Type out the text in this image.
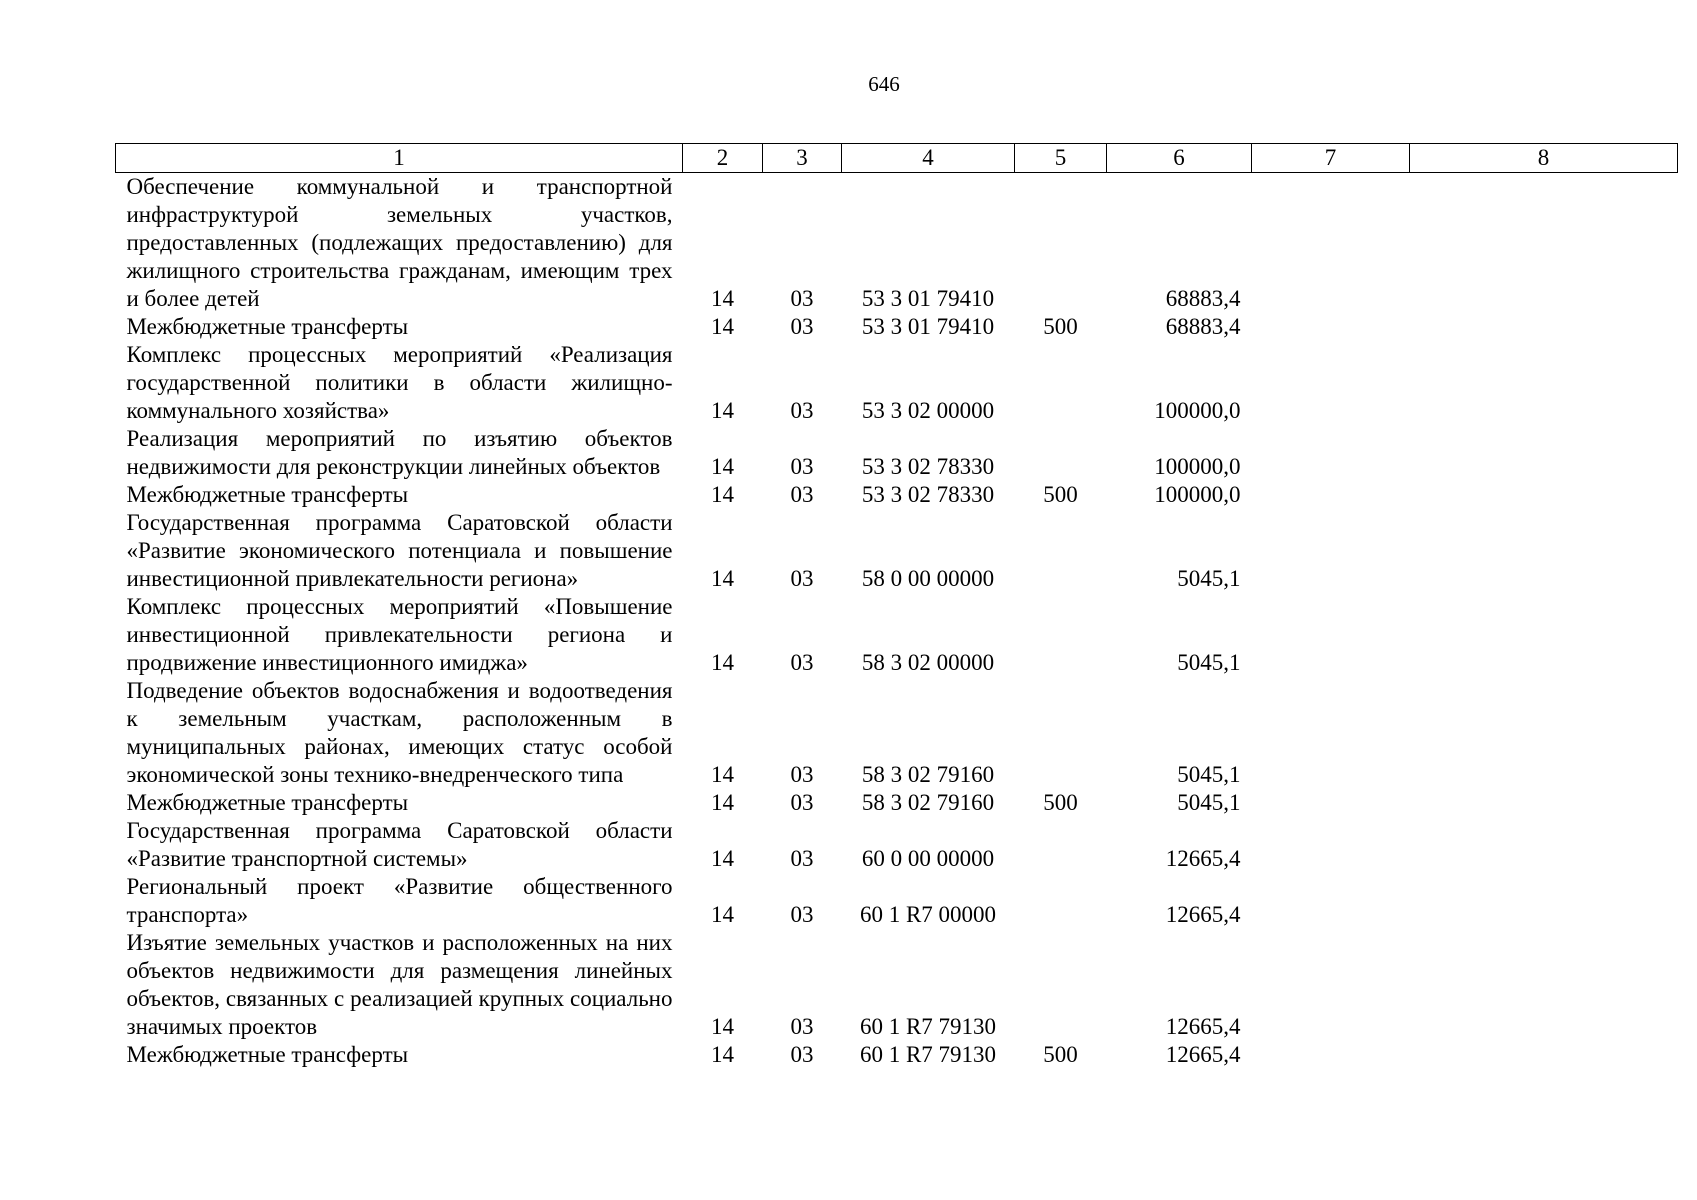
646
1	2	3	4	5	6	7	8
Обеспечение коммунальной и транспортной инфраструктурой земельных участков, предоставленных (подлежащих предоставлению) для жилищного строительства гражданам, имеющим трех и более детей	14	03	53 3 01 79410		68883,4		
Межбюджетные трансферты	14	03	53 3 01 79410	500	68883,4		
Комплекс процессных мероприятий «Реализация государственной политики в области жилищно-коммунального хозяйства»	14	03	53 3 02 00000		100000,0		
Реализация мероприятий по изъятию объектов недвижимости для реконструкции линейных объектов	14	03	53 3 02 78330		100000,0		
Межбюджетные трансферты	14	03	53 3 02 78330	500	100000,0		
Государственная программа Саратовской области «Развитие экономического потенциала и повышение инвестиционной привлекательности региона»	14	03	58 0 00 00000		5045,1		
Комплекс процессных мероприятий «Повышение инвестиционной привлекательности региона и продвижение инвестиционного имиджа»	14	03	58 3 02 00000		5045,1		
Подведение объектов водоснабжения и водоотведения к земельным участкам, расположенным в муниципальных районах, имеющих статус особой экономической зоны технико-внедренческого типа	14	03	58 3 02 79160		5045,1		
Межбюджетные трансферты	14	03	58 3 02 79160	500	5045,1		
Государственная программа Саратовской области «Развитие транспортной системы»	14	03	60 0 00 00000		12665,4		
Региональный проект «Развитие общественного транспорта»	14	03	60 1 R7 00000		12665,4		
Изъятие земельных участков и расположенных на них объектов недвижимости для размещения линейных объектов, связанных с реализацией крупных социально значимых проектов	14	03	60 1 R7 79130		12665,4		
Межбюджетные трансферты	14	03	60 1 R7 79130	500	12665,4		
